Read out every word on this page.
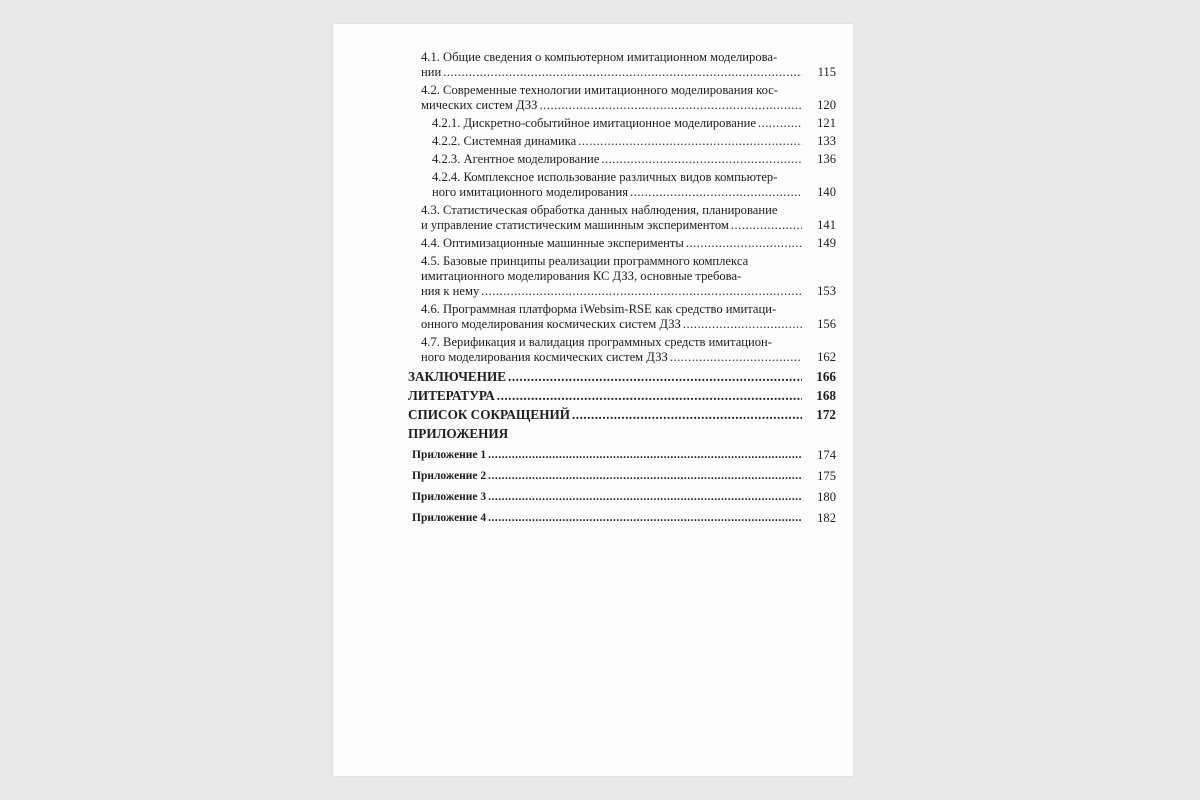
4.1. Общие сведения о компьютерном имитационном моделирова-
нии .....	115
4.2. Современные технологии имитационного моделирования кос-
мических систем ДЗЗ .....	120
4.2.1. Дискретно-событийное имитационное моделирование .....	121
4.2.2. Системная динамика .....	133
4.2.3. Агентное моделирование .....	136
4.2.4. Комплексное использование различных видов компьютер-
ного имитационного моделирования .....	140
4.3. Статистическая обработка данных наблюдения, планирование
и управление статистическим машинным экспериментом .....	141
4.4. Оптимизационные машинные эксперименты .....	149
4.5. Базовые принципы реализации программного комплекса
имитационного моделирования КС ДЗЗ, основные требова-
ния к нему .....	153
4.6. Программная платформа iWebsim-RSE как средство имитаци-
онного моделирования космических систем ДЗЗ .....	156
4.7. Верификация и валидация программных средств имитацион-
ного моделирования космических систем ДЗЗ .....	162
ЗАКЛЮЧЕНИЕ .....	166
ЛИТЕРАТУРА .....	168
СПИСОК СОКРАЩЕНИЙ .....	172
ПРИЛОЖЕНИЯ
Приложение 1 .....	174
Приложение 2 .....	175
Приложение 3 .....	180
Приложение 4 .....	182
